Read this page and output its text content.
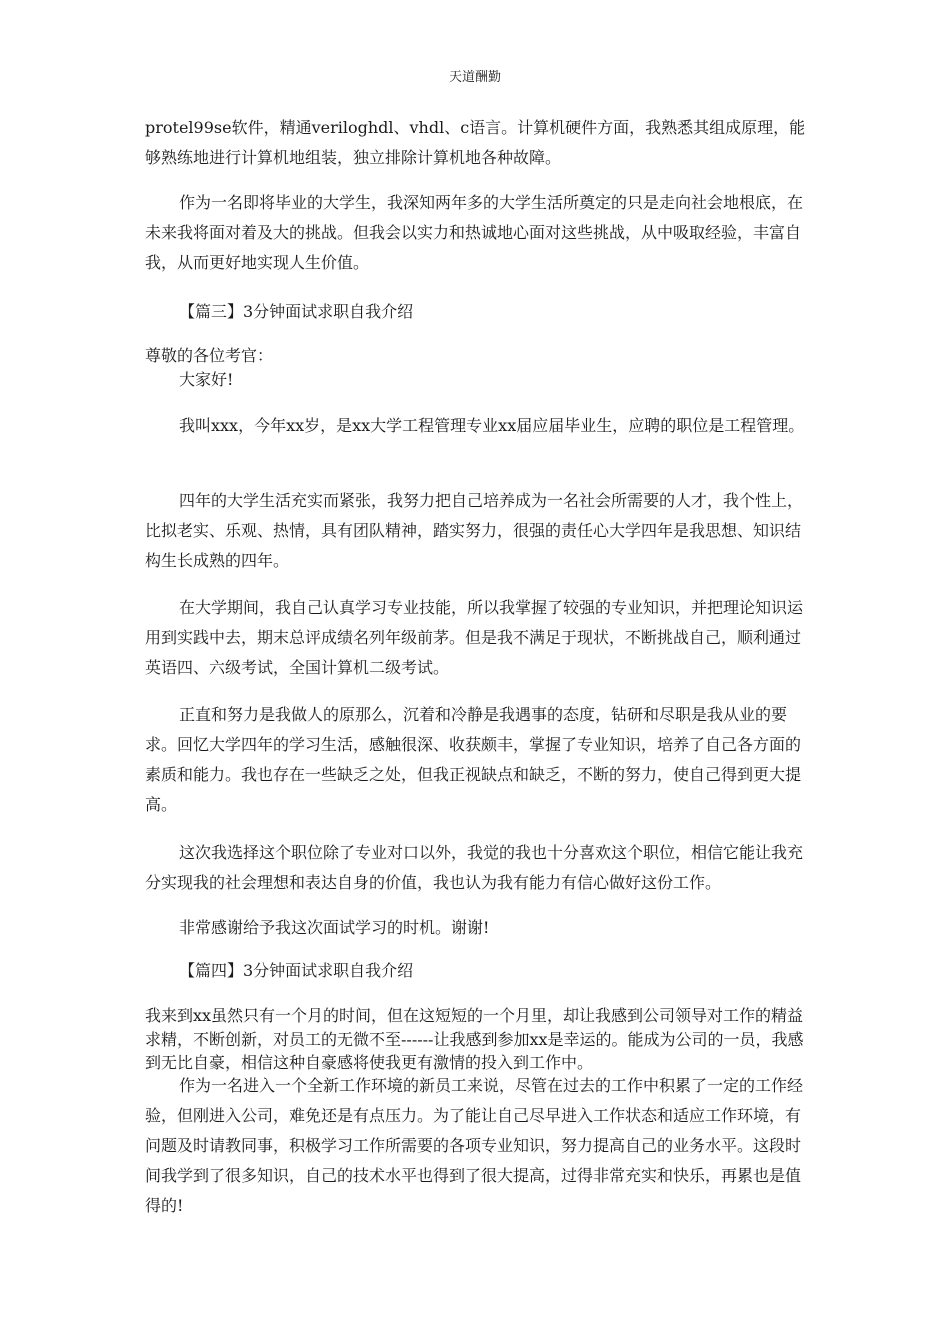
天道酬勤

protel99se软件，精通veriloghdl、vhdl、c语言。计算机硬件方面，我熟悉其组成原理，能够熟练地进行计算机地组装，独立排除计算机地各种故障。

作为一名即将毕业的大学生，我深知两年多的大学生活所奠定的只是走向社会地根底，在未来我将面对着及大的挑战。但我会以实力和热诚地心面对这些挑战，从中吸取经验，丰富自我，从而更好地实现人生价值。

【篇三】3分钟面试求职自我介绍

尊敬的各位考官：

大家好!

我叫xxx，今年xx岁，是xx大学工程管理专业xx届应届毕业生，应聘的职位是工程管理。

四年的大学生活充实而紧张，我努力把自己培养成为一名社会所需要的人才，我个性上，比拟老实、乐观、热情，具有团队精神，踏实努力，很强的责任心大学四年是我思想、知识结构生长成熟的四年。

在大学期间，我自己认真学习专业技能，所以我掌握了较强的专业知识，并把理论知识运用到实践中去，期末总评成绩名列年级前茅。但是我不满足于现状，不断挑战自己，顺利通过英语四、六级考试，全国计算机二级考试。

正直和努力是我做人的原那么，沉着和冷静是我遇事的态度，钻研和尽职是我从业的要求。回忆大学四年的学习生活，感触很深、收获颇丰，掌握了专业知识，培养了自己各方面的素质和能力。我也存在一些缺乏之处，但我正视缺点和缺乏，不断的努力，使自己得到更大提高。

这次我选择这个职位除了专业对口以外，我觉的我也十分喜欢这个职位，相信它能让我充分实现我的社会理想和表达自身的价值，我也认为我有能力有信心做好这份工作。

非常感谢给予我这次面试学习的时机。谢谢!

【篇四】3分钟面试求职自我介绍

我来到xx虽然只有一个月的时间，但在这短短的一个月里，却让我感到公司领导对工作的精益求精，不断创新，对员工的无微不至------让我感到参加xx是幸运的。能成为公司的一员，我感到无比自豪，相信这种自豪感将使我更有激情的投入到工作中。

作为一名进入一个全新工作环境的新员工来说，尽管在过去的工作中积累了一定的工作经验，但刚进入公司，难免还是有点压力。为了能让自己尽早进入工作状态和适应工作环境，有问题及时请教同事，积极学习工作所需要的各项专业知识，努力提高自己的业务水平。这段时间我学到了很多知识，自己的技术水平也得到了很大提高，过得非常充实和快乐，再累也是值得的!
